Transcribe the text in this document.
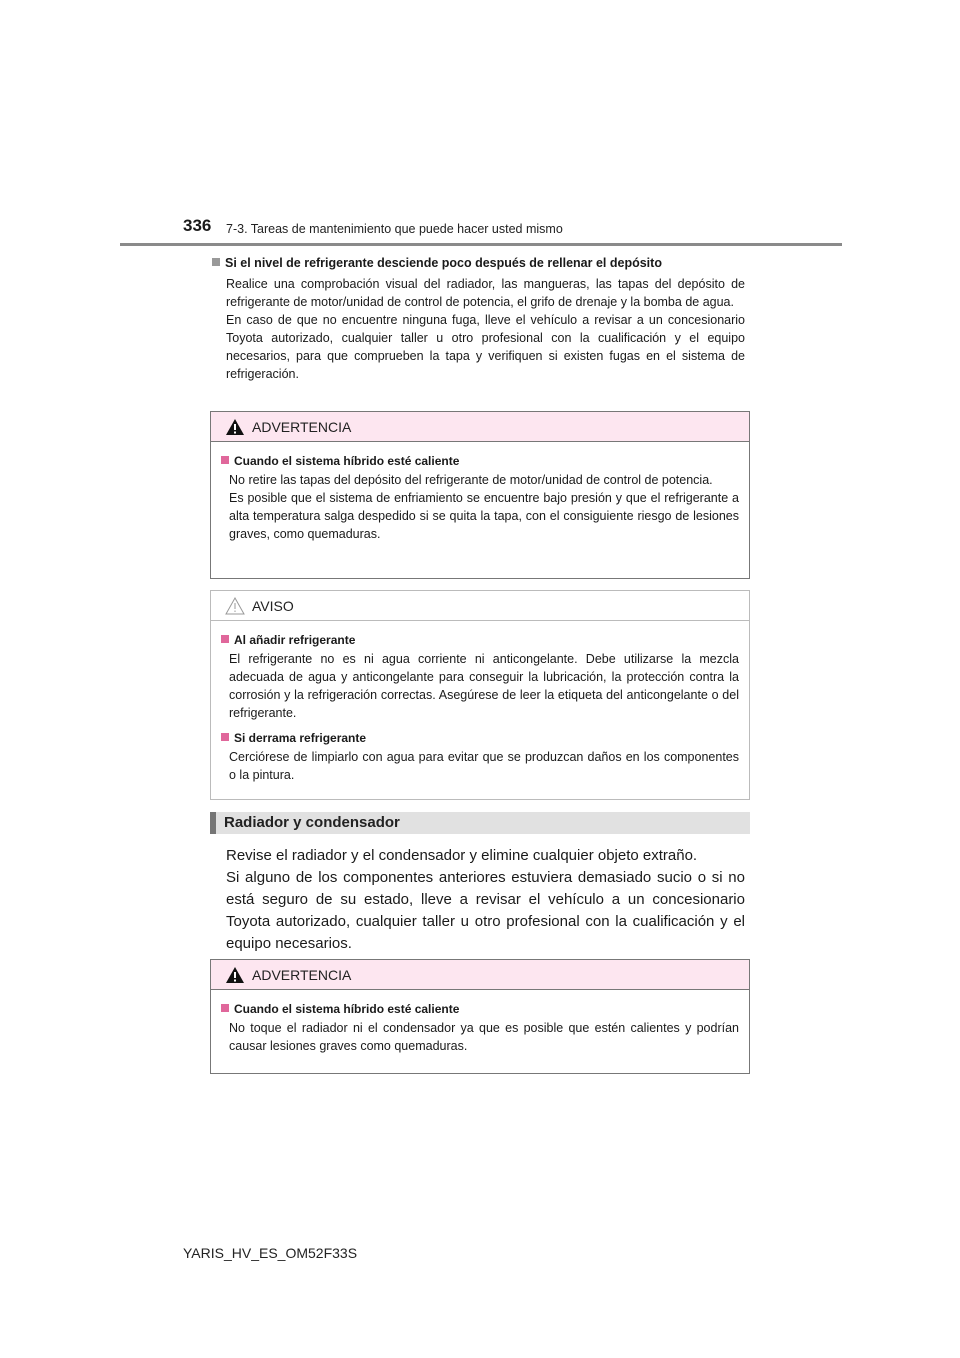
336 7-3. Tareas de mantenimiento que puede hacer usted mismo
Si el nivel de refrigerante desciende poco después de rellenar el depósito
Realice una comprobación visual del radiador, las mangueras, las tapas del depósito de refrigerante de motor/unidad de control de potencia, el grifo de drenaje y la bomba de agua.
En caso de que no encuentre ninguna fuga, lleve el vehículo a revisar a un concesionario Toyota autorizado, cualquier taller u otro profesional con la cualificación y el equipo necesarios, para que comprueben la tapa y verifiquen si existen fugas en el sistema de refrigeración.
ADVERTENCIA
Cuando el sistema híbrido esté caliente
No retire las tapas del depósito del refrigerante de motor/unidad de control de potencia.
Es posible que el sistema de enfriamiento se encuentre bajo presión y que el refrigerante a alta temperatura salga despedido si se quita la tapa, con el consiguiente riesgo de lesiones graves, como quemaduras.
AVISO
Al añadir refrigerante
El refrigerante no es ni agua corriente ni anticongelante. Debe utilizarse la mezcla adecuada de agua y anticongelante para conseguir la lubricación, la protección contra la corrosión y la refrigeración correctas. Asegúrese de leer la etiqueta del anticongelante o del refrigerante.
Si derrama refrigerante
Cerciórese de limpiarlo con agua para evitar que se produzcan daños en los componentes o la pintura.
Radiador y condensador
Revise el radiador y el condensador y elimine cualquier objeto extraño.
Si alguno de los componentes anteriores estuviera demasiado sucio o si no está seguro de su estado, lleve a revisar el vehículo a un concesionario Toyota autorizado, cualquier taller u otro profesional con la cualificación y el equipo necesarios.
ADVERTENCIA
Cuando el sistema híbrido esté caliente
No toque el radiador ni el condensador ya que es posible que estén calientes y podrían causar lesiones graves como quemaduras.
YARIS_HV_ES_OM52F33S
